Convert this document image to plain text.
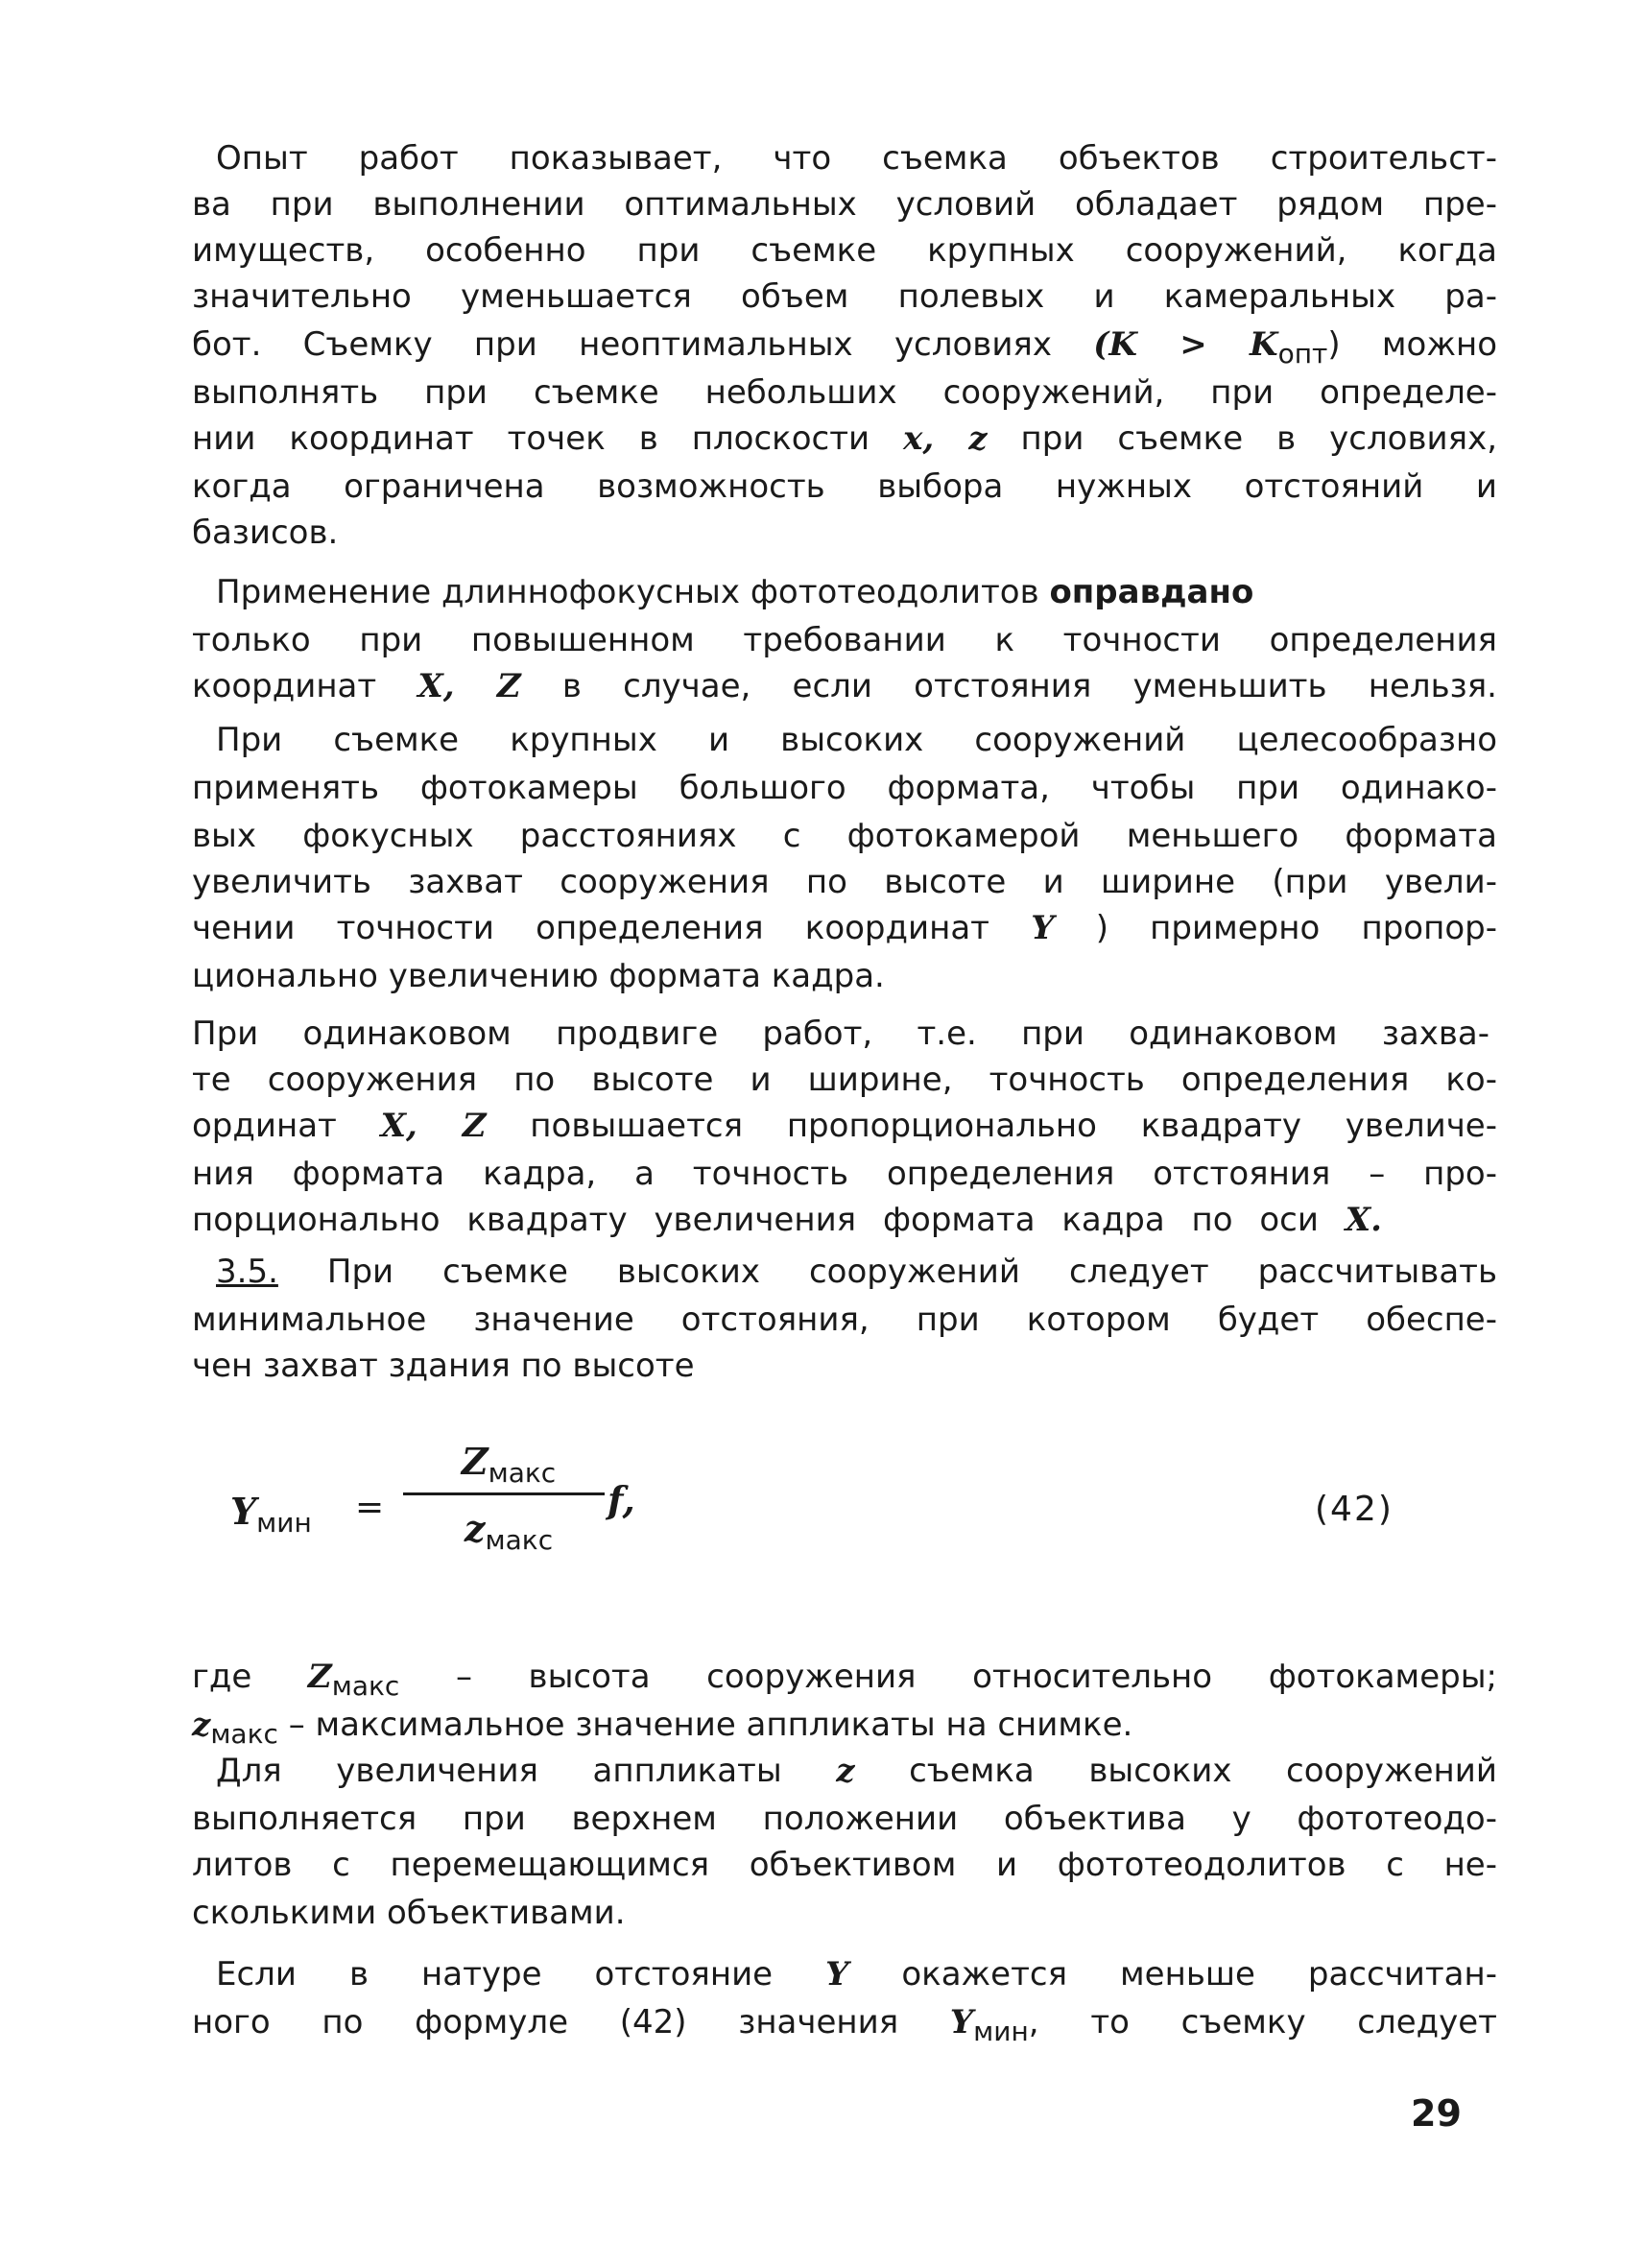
Опыт работ показывает, что съемка объектов строительст-
ва при выполнении оптимальных условий обладает рядом пре-
имуществ, особенно при съемке крупных сооружений, когда
значительно уменьшается объем полевых и камеральных ра-
бот. Съемку при неоптимальных условиях $(K > K_{опт})$ можно
выполнять при съемке небольших сооружений, при определе-
нии координат точек в плоскости x, z при съемке в условиях,
когда ограничена возможность выбора нужных отстояний и
базисов.
Применение длиннофокусных фототеодолитов оправдано
только при повышенном требовании к точности определения
координат X, Z в случае, если отстояния уменьшить нельзя.
При съемке крупных и высоких сооружений целесообразно
применять фотокамеры большого формата, чтобы при одинако-
вых фокусных расстояниях с фотокамерой меньшего формата
увеличить захват сооружения по высоте и ширине (при увели-
чении точности определения координат Y ) примерно пропор-
ционально увеличению формата кадра.
При одинаковом продвиге работ, т.е. при одинаковом захва-
те сооружения по высоте и ширине, точность определения ко-
ординат X, Z повышается пропорционально квадрату увеличе-
ния формата кадра, а точность определения отстояния – про-
порционально квадрату увеличения формата кадра по оси X.
3.5. При съемке высоких сооружений следует рассчитывать
минимальное значение отстояния, при котором будет обеспе-
чен захват здания по высоте
$Y_{мин}$ =
$Z_{макс}$
$z_{макс}$
f,	(42)
где $Z_{макс}$ – высота сооружения относительно фотокамеры;
$z_{макс}$ – максимальное значение аппликаты на снимке.
Для увеличения аппликаты z съемка высоких сооружений
выполняется при верхнем положении объектива у фототеодо-
литов с перемещающимся объективом и фототеодолитов с не-
сколькими объективами.
Если в натуре отстояние Y окажется меньше рассчитан-
ного по формуле (42) значения $Y_{мин}$, то съемку следует
29
